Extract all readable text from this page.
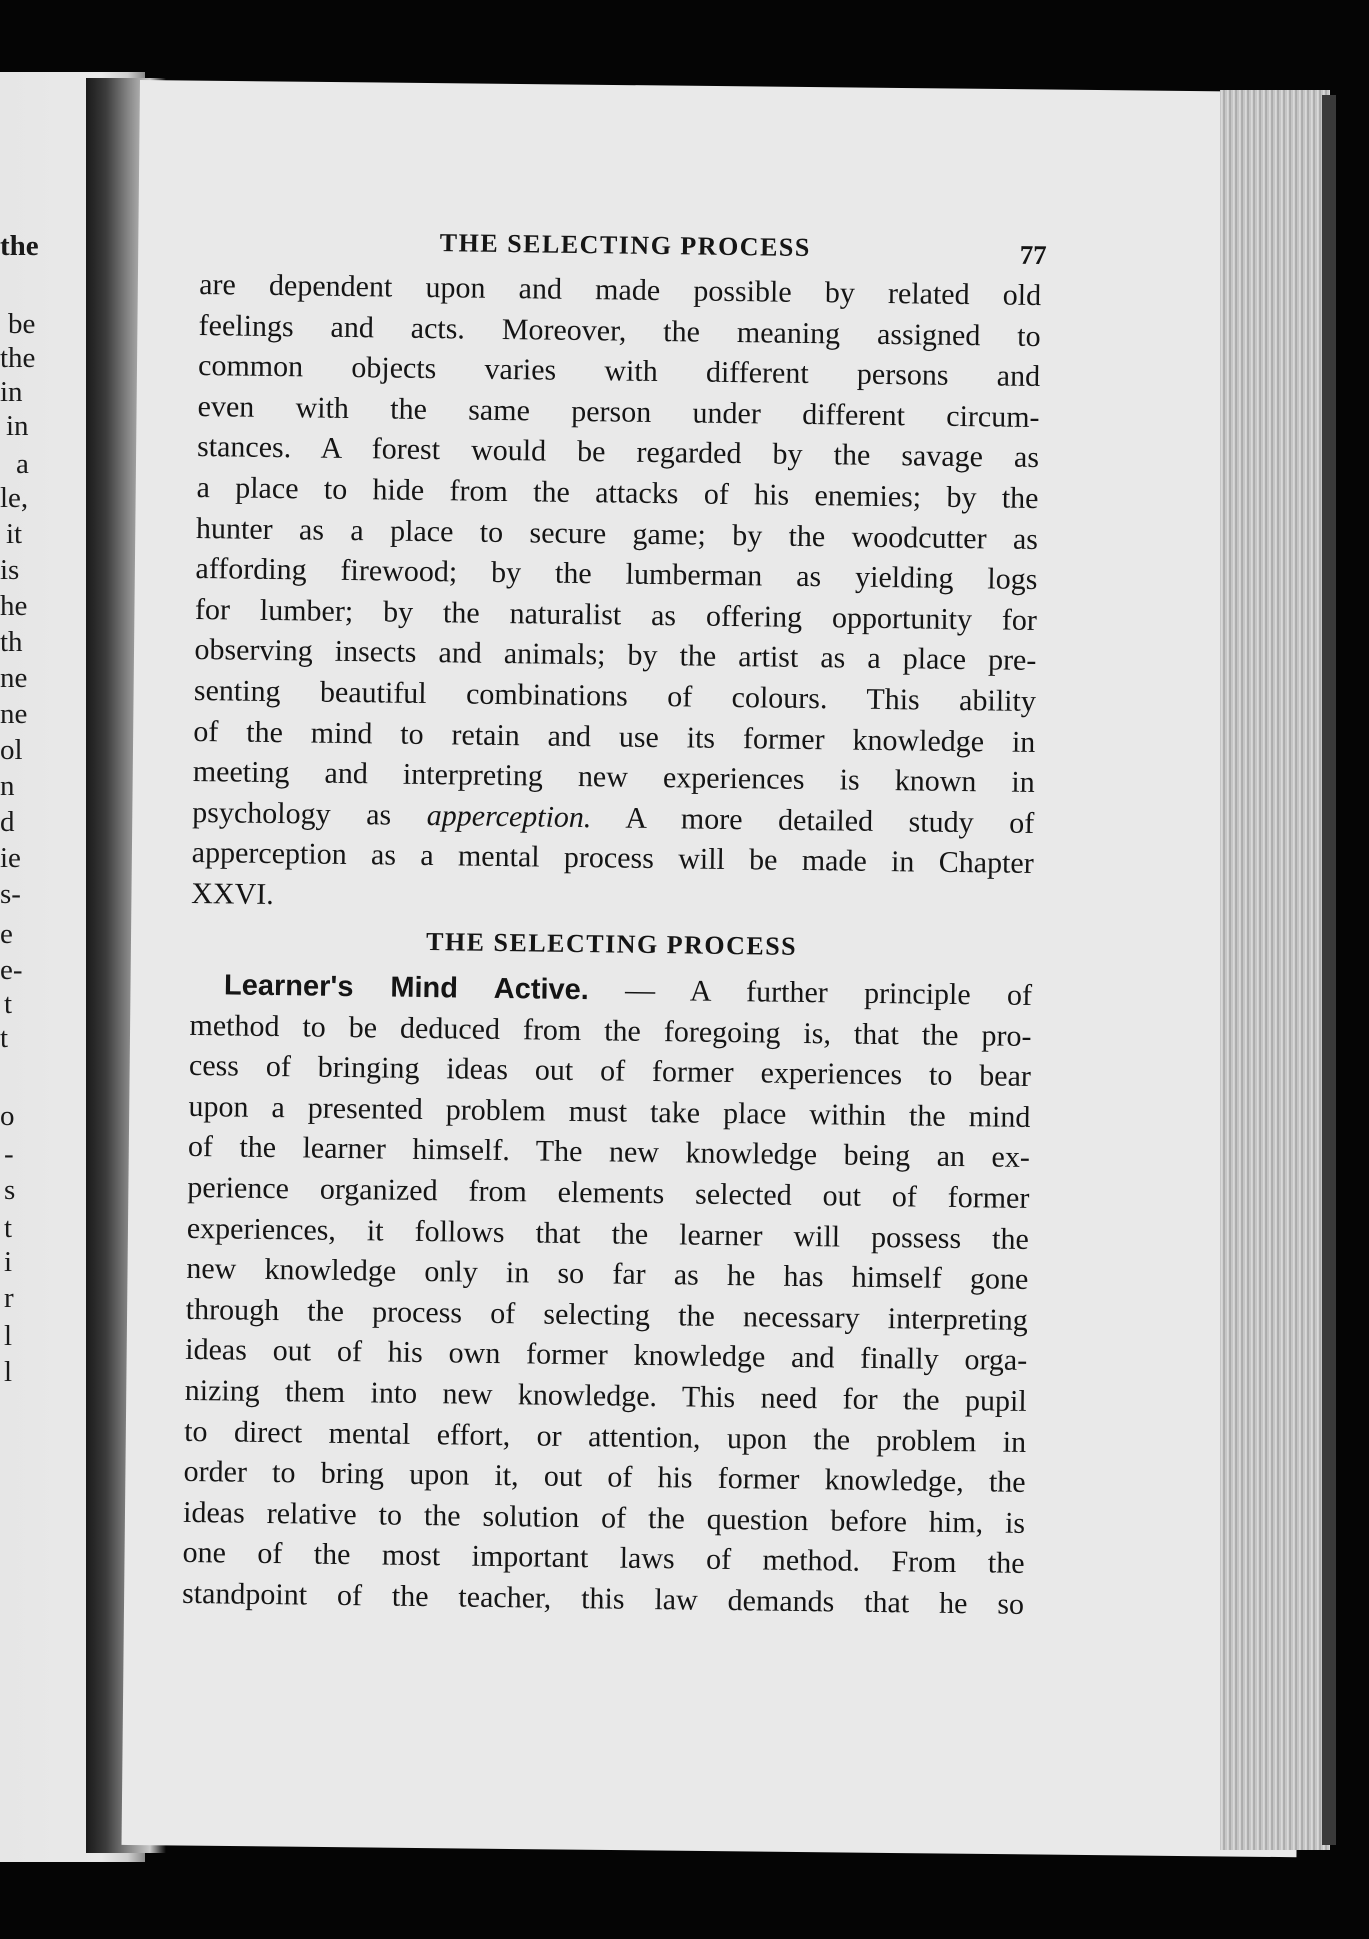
the
be
the
in
in
a
le,
it
is
he
th
ne
ne
ol
n
d
ie
s-
e
e-
t
t
o
-
s
t
i
r
l
l
THE SELECTING PROCESS	77
are dependent upon and made possible by related old
feelings and acts. Moreover, the meaning assigned to
common objects varies with different persons and
even with the same person under different circum-
stances. A forest would be regarded by the savage as
a place to hide from the attacks of his enemies; by the
hunter as a place to secure game; by the woodcutter as
affording firewood; by the lumberman as yielding logs
for lumber; by the naturalist as offering opportunity for
observing insects and animals; by the artist as a place pre-
senting beautiful combinations of colours. This ability
of the mind to retain and use its former knowledge in
meeting and interpreting new experiences is known in
psychology as apperception. A more detailed study of
apperception as a mental process will be made in Chapter
XXVI.
THE SELECTING PROCESS
Learner's Mind Active. — A further principle of
method to be deduced from the foregoing is, that the pro-
cess of bringing ideas out of former experiences to bear
upon a presented problem must take place within the mind
of the learner himself. The new knowledge being an ex-
perience organized from elements selected out of former
experiences, it follows that the learner will possess the
new knowledge only in so far as he has himself gone
through the process of selecting the necessary interpreting
ideas out of his own former knowledge and finally orga-
nizing them into new knowledge. This need for the pupil
to direct mental effort, or attention, upon the problem in
order to bring upon it, out of his former knowledge, the
ideas relative to the solution of the question before him, is
one of the most important laws of method. From the
standpoint of the teacher, this law demands that he so
